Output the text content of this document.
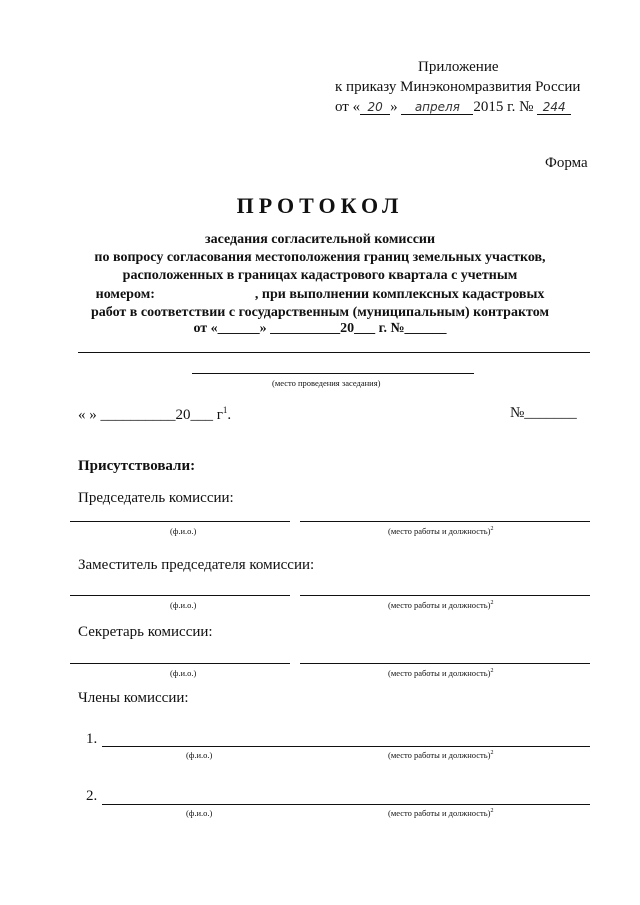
Приложение
к приказу Минэкономразвития России
от « 20 » апреля 2015 г. № 244
Форма
ПРОТОКОЛ
заседания согласительной комиссии
по вопросу согласования местоположения границ земельных участков,
расположенных в границах кадастрового квартала с учетным
номером:	, при выполнении комплексных кадастровых
работ в соответствии с государственным (муниципальным) контрактом
от «______» __________20___ г. №______
(место проведения заседания)
« » __________20___ $г^1$.	№_______
Присутствовали:
Председатель комиссии:
(ф.и.о.)	(место работы и должность)$^2$
Заместитель председателя комиссии:
(ф.и.о.)	(место работы и должность)$^2$
Секретарь комиссии:
(ф.и.о.)	(место работы и должность)$^2$
Члены комиссии:
1.
(ф.и.о.)	(место работы и должность)$^2$
2.
(ф.и.о.)	(место работы и должность)$^2$
